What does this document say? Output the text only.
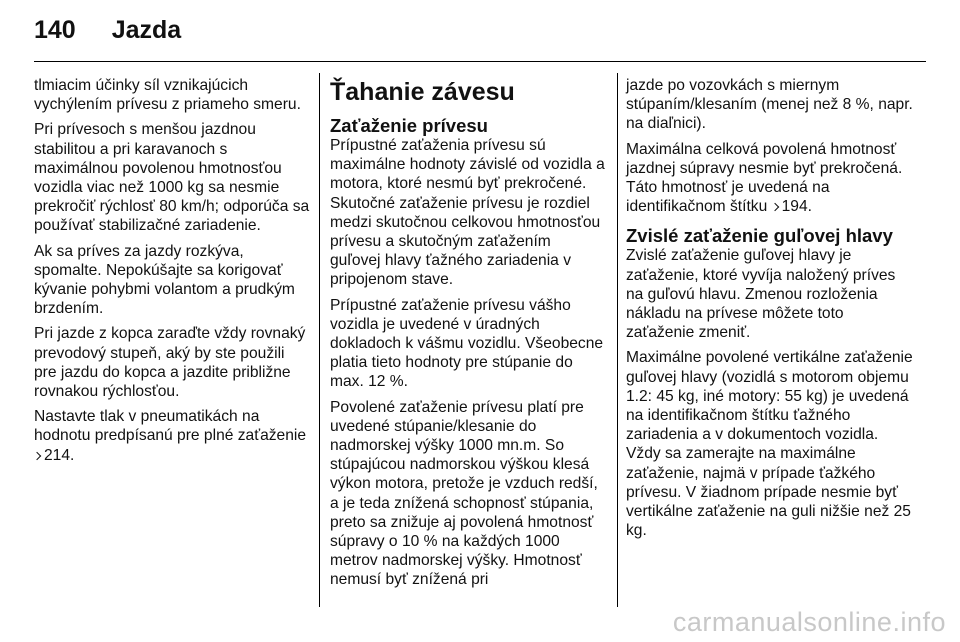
140 Jazda

tlmiacim účinky síl vznikajúcich vychýlením prívesu z priameho smeru.

Pri prívesoch s menšou jazdnou stabilitou a pri karavanoch s maximálnou povolenou hmotnosťou vozidla viac než 1000 kg sa nesmie prekročiť rýchlosť 80 km/h; odporúča sa používať stabilizačné zariadenie.

Ak sa príves za jazdy rozkýva, spomalte. Nepokúšajte sa korigovať kývanie pohybmi volantom a prudkým brzdením.

Pri jazde z kopca zaraďte vždy rovnaký prevodový stupeň, aký by ste použili pre jazdu do kopca a jazdite približne rovnakou rýchlosťou.

Nastavte tlak v pneumatikách na hodnotu predpísanú pre plné zaťaženie 214.

Ťahanie závesu
Zaťaženie prívesu

Prípustné zaťaženia prívesu sú maximálne hodnoty závislé od vozidla a motora, ktoré nesmú byť prekročené. Skutočné zaťaženie prívesu je rozdiel medzi skutočnou celkovou hmotnosťou prívesu a skutočným zaťažením guľovej hlavy ťažného zariadenia v pripojenom stave.

Prípustné zaťaženie prívesu vášho vozidla je uvedené v úradných dokladoch k vášmu vozidlu. Všeobecne platia tieto hodnoty pre stúpanie do max. 12 %.

Povolené zaťaženie prívesu platí pre uvedené stúpanie/klesanie do nadmorskej výšky 1000 mn.m. So stúpajúcou nadmorskou výškou klesá výkon motora, pretože je vzduch redší, a je teda znížená schopnosť stúpania, preto sa znižuje aj povolená hmotnosť súpravy o 10 % na každých 1000 metrov nadmorskej výšky. Hmotnosť nemusí byť znížená pri

jazde po vozovkách s miernym stúpaním/klesaním (menej než 8 %, napr. na diaľnici).

Maximálna celková povolená hmotnosť jazdnej súpravy nesmie byť prekročená. Táto hmotnosť je uvedená na identifikačnom štítku 194.

Zvislé zaťaženie guľovej hlavy

Zvislé zaťaženie guľovej hlavy je zaťaženie, ktoré vyvíja naložený príves na guľovú hlavu. Zmenou rozloženia nákladu na prívese môžete toto zaťaženie zmeniť.

Maximálne povolené vertikálne zaťaženie guľovej hlavy (vozidlá s motorom objemu 1.2: 45 kg, iné motory: 55 kg) je uvedená na identifikačnom štítku ťažného zariadenia a v dokumentoch vozidla. Vždy sa zamerajte na maximálne zaťaženie, najmä v prípade ťažkého prívesu. V žiadnom prípade nesmie byť vertikálne zaťaženie na guli nižšie než 25 kg.

carmanualsonline.info
